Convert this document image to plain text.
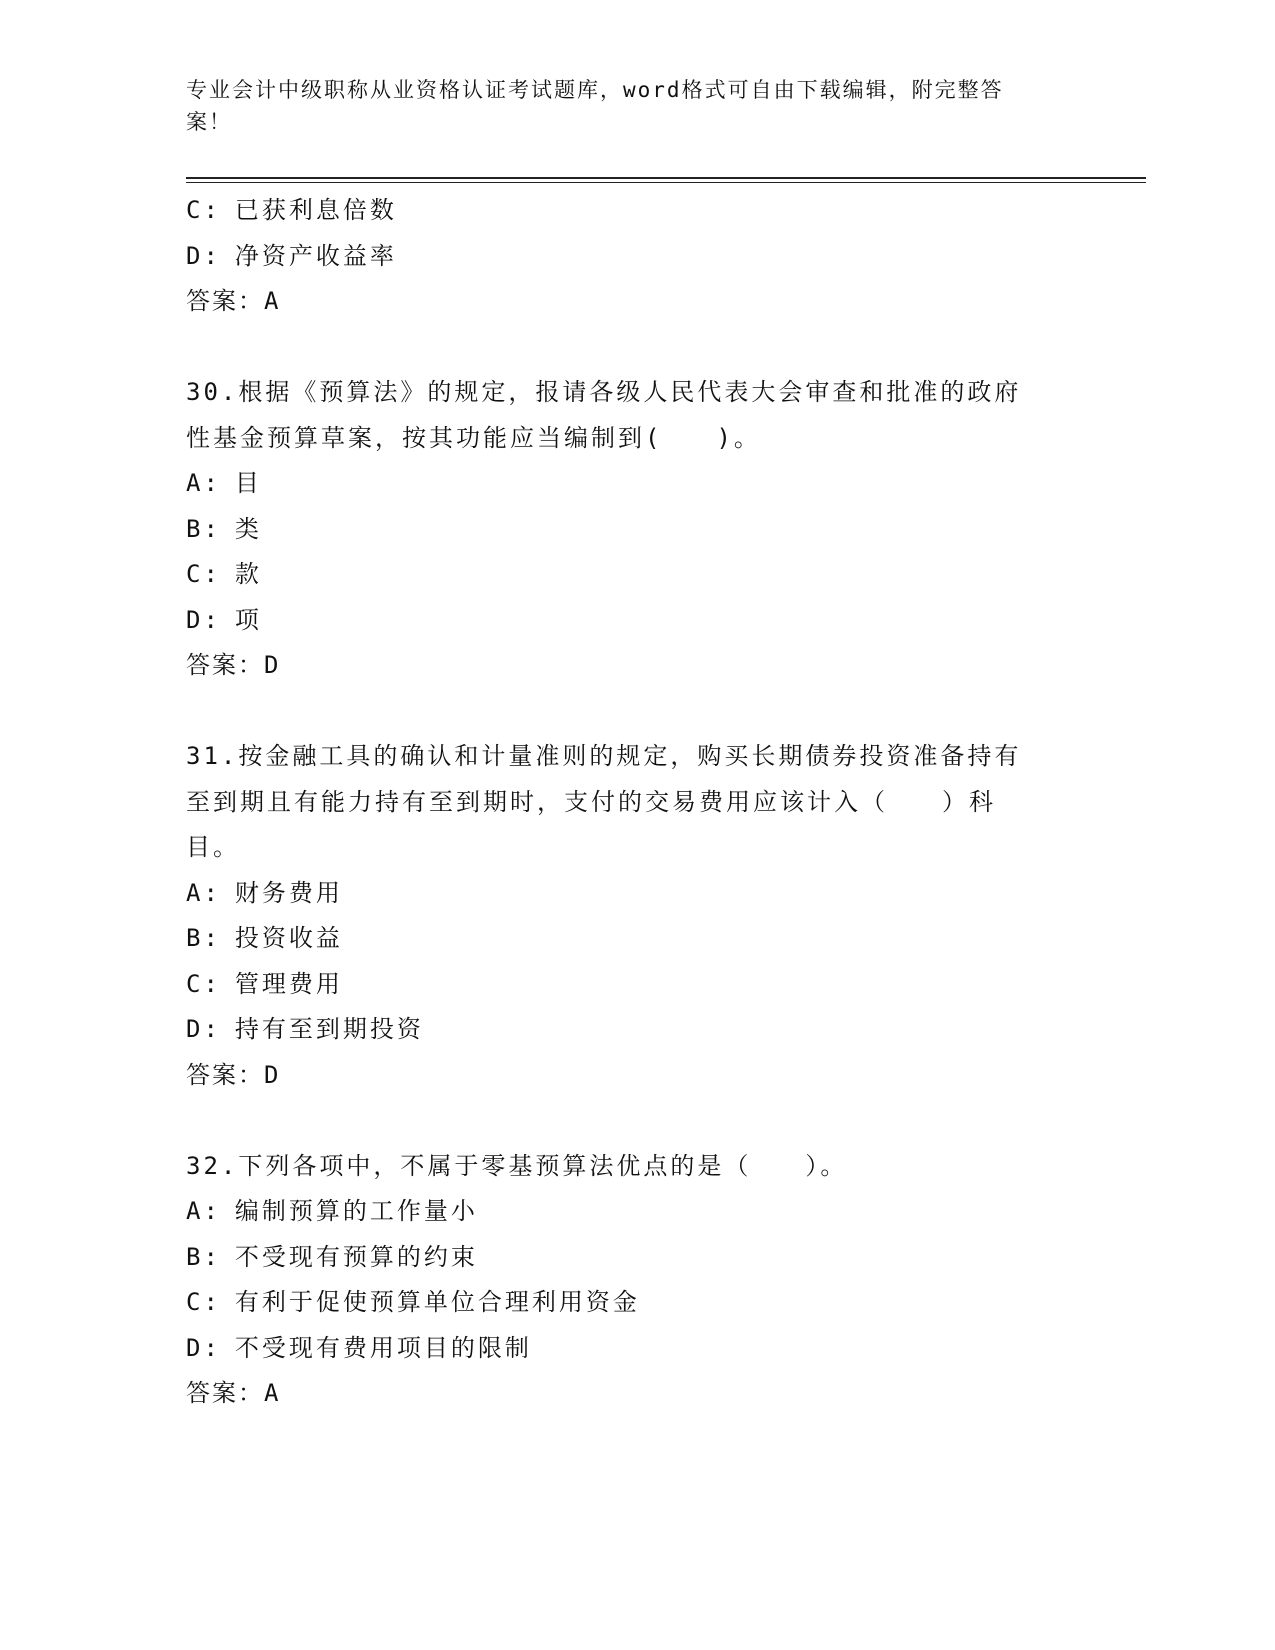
专业会计中级职称从业资格认证考试题库，word格式可自由下载编辑，附完整答
案！
C: 已获利息倍数
D: 净资产收益率
答案：A
30.根据《预算法》的规定，报请各级人民代表大会审查和批准的政府
性基金预算草案，按其功能应当编制到(　　)。
A: 目
B: 类
C: 款
D: 项
答案：D
31.按金融工具的确认和计量准则的规定，购买长期债券投资准备持有
至到期且有能力持有至到期时，支付的交易费用应该计入（　　）科
目。
A: 财务费用
B: 投资收益
C: 管理费用
D: 持有至到期投资
答案：D
32.下列各项中，不属于零基预算法优点的是（　　）。
A: 编制预算的工作量小
B: 不受现有预算的约束
C: 有利于促使预算单位合理利用资金
D: 不受现有费用项目的限制
答案：A
